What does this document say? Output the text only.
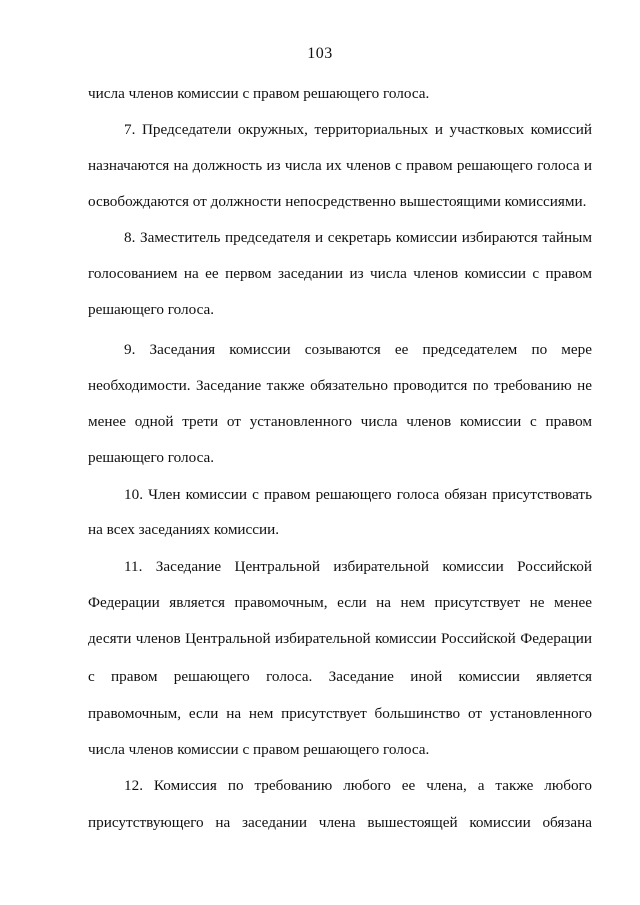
103
числа членов комиссии с правом решающего голоса.
7. Председатели окружных, территориальных и участковых комиссий
назначаются на должность из числа их членов с правом решающего голоса и
освобождаются от должности непосредственно вышестоящими комиссиями.
8. Заместитель председателя и секретарь комиссии избираются тайным
голосованием на ее первом заседании из числа членов комиссии с правом
решающего голоса.
9. Заседания комиссии созываются ее председателем по мере
необходимости. Заседание также обязательно проводится по требованию не
менее одной трети от установленного числа членов комиссии с правом
решающего голоса.
10. Член комиссии с правом решающего голоса обязан присутствовать
на всех заседаниях комиссии.
11. Заседание Центральной избирательной комиссии Российской
Федерации является правомочным, если на нем присутствует не менее
десяти членов Центральной избирательной комиссии Российской Федерации
с правом решающего голоса. Заседание иной комиссии является
правомочным, если на нем присутствует большинство от установленного
числа членов комиссии с правом решающего голоса.
12. Комиссия по требованию любого ее члена, а также любого
присутствующего на заседании члена вышестоящей комиссии обязана
